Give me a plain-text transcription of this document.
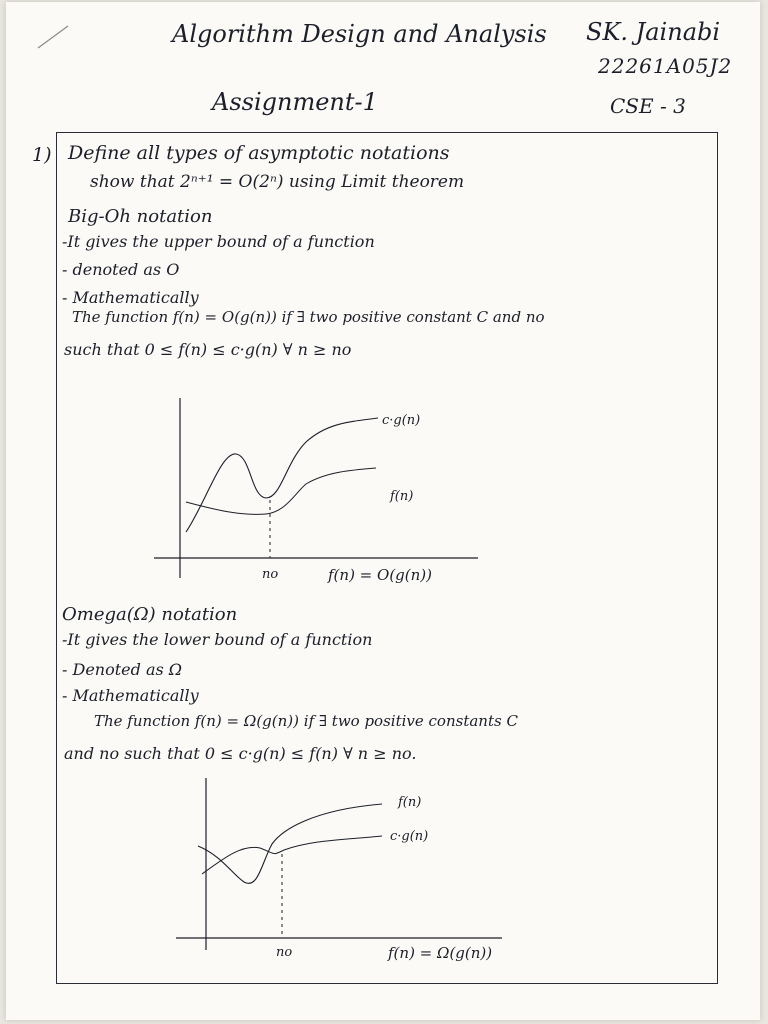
Algorithm Design and Analysis SK. Jainabi
22261A05J2
Assignment-1	CSE - 3
1) Define all types of asymptotic notations
show that 2ⁿ⁺¹ = O(2ⁿ) using Limit theorem
Big-Oh notation
-It gives the upper bound of a function
- denoted as O
- Mathematically
The function f(n) = O(g(n)) if ∃ two positive constant C and no
such that 0 ≤ f(n) ≤ c·g(n) ∀ n ≥ no
c·g(n)
f(n)
no	f(n) = O(g(n))
Omega(Ω) notation
-It gives the lower bound of a function
- Denoted as Ω
- Mathematically
The function f(n) = Ω(g(n)) if ∃ two positive constants C
and no such that 0 ≤ c·g(n) ≤ f(n) ∀ n ≥ no.
f(n)
c·g(n)
no	f(n) = Ω(g(n))
